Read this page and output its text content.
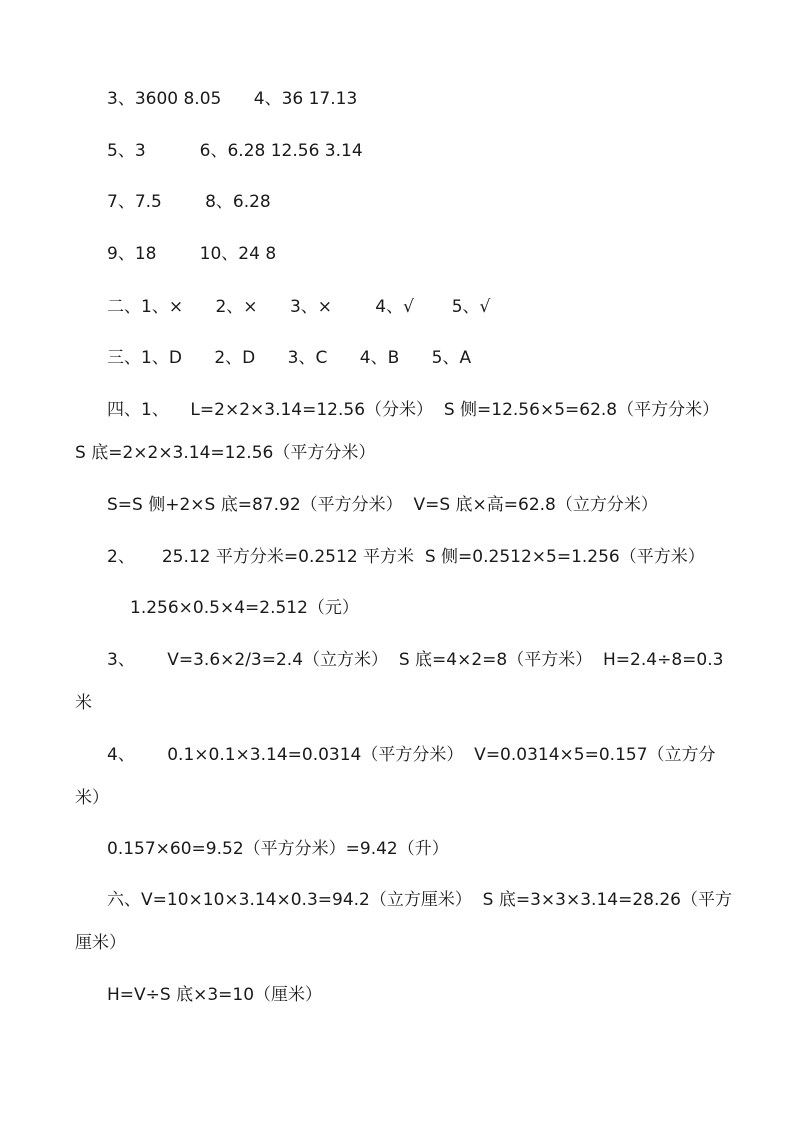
3、3600 8.05      4、36 17.13
5、3          6、6.28 12.56 3.14
7、7.5        8、6.28
9、18        10、24 8
二、1、×      2、×      3、×        4、√       5、√
三、1、D      2、D      3、C      4、B      5、A
四、1、    L=2×2×3.14=12.56（分米）  S 侧=12.56×5=62.8（平方分米）
S 底=2×2×3.14=12.56（平方分米）
S=S 侧+2×S 底=87.92（平方分米）  V=S 底×高=62.8（立方分米）
2、     25.12 平方分米=0.2512 平方米  S 侧=0.2512×5=1.256（平方米）
1.256×0.5×4=2.512（元）
3、      V=3.6×2/3=2.4（立方米）  S 底=4×2=8（平方米）  H=2.4÷8=0.3
米
4、      0.1×0.1×3.14=0.0314（平方分米）  V=0.0314×5=0.157（立方分
米）
0.157×60=9.52（平方分米）=9.42（升）
六、V=10×10×3.14×0.3=94.2（立方厘米）  S 底=3×3×3.14=28.26（平方
厘米）
H=V÷S 底×3=10（厘米）
